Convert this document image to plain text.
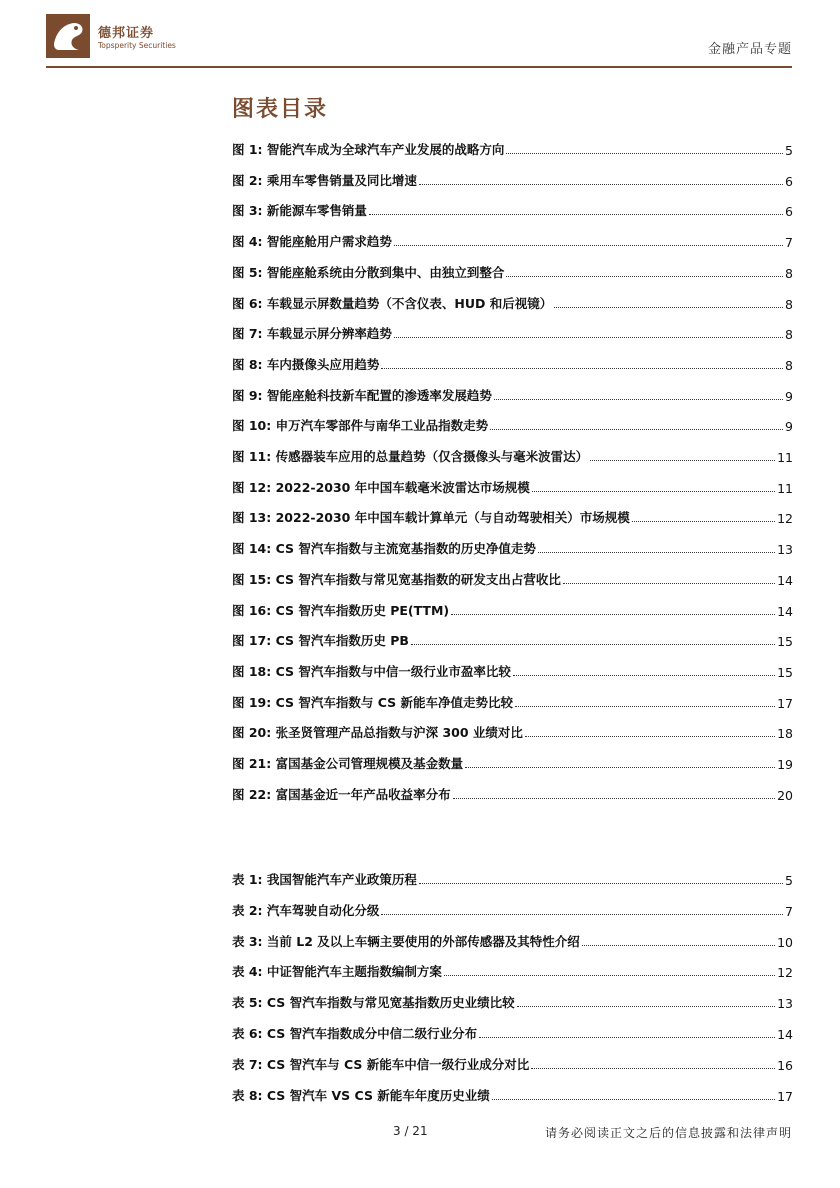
德邦证券
Topsperity Securities	金融产品专题
图表目录
图 1: 智能汽车成为全球汽车产业发展的战略方向	5
图 2: 乘用车零售销量及同比增速	6
图 3: 新能源车零售销量	6
图 4: 智能座舱用户需求趋势	7
图 5: 智能座舱系统由分散到集中、由独立到整合	8
图 6: 车载显示屏数量趋势（不含仪表、HUD 和后视镜）	8
图 7: 车载显示屏分辨率趋势	8
图 8: 车内摄像头应用趋势	8
图 9: 智能座舱科技新车配置的渗透率发展趋势	9
图 10: 申万汽车零部件与南华工业品指数走势	9
图 11: 传感器装车应用的总量趋势（仅含摄像头与毫米波雷达）	11
图 12: 2022-2030 年中国车载毫米波雷达市场规模	11
图 13: 2022-2030 年中国车载计算单元（与自动驾驶相关）市场规模	12
图 14: CS 智汽车指数与主流宽基指数的历史净值走势	13
图 15: CS 智汽车指数与常见宽基指数的研发支出占营收比	14
图 16: CS 智汽车指数历史 PE(TTM)	14
图 17: CS 智汽车指数历史 PB	15
图 18: CS 智汽车指数与中信一级行业市盈率比较	15
图 19: CS 智汽车指数与 CS 新能车净值走势比较	17
图 20: 张圣贤管理产品总指数与沪深 300 业绩对比	18
图 21: 富国基金公司管理规模及基金数量	19
图 22: 富国基金近一年产品收益率分布	20
表 1: 我国智能汽车产业政策历程	5
表 2: 汽车驾驶自动化分级	7
表 3: 当前 L2 及以上车辆主要使用的外部传感器及其特性介绍	10
表 4: 中证智能汽车主题指数编制方案	12
表 5: CS 智汽车指数与常见宽基指数历史业绩比较	13
表 6: CS 智汽车指数成分中信二级行业分布	14
表 7: CS 智汽车与 CS 新能车中信一级行业成分对比	16
表 8: CS 智汽车 VS CS 新能车年度历史业绩	17
3 / 21	请务必阅读正文之后的信息披露和法律声明
